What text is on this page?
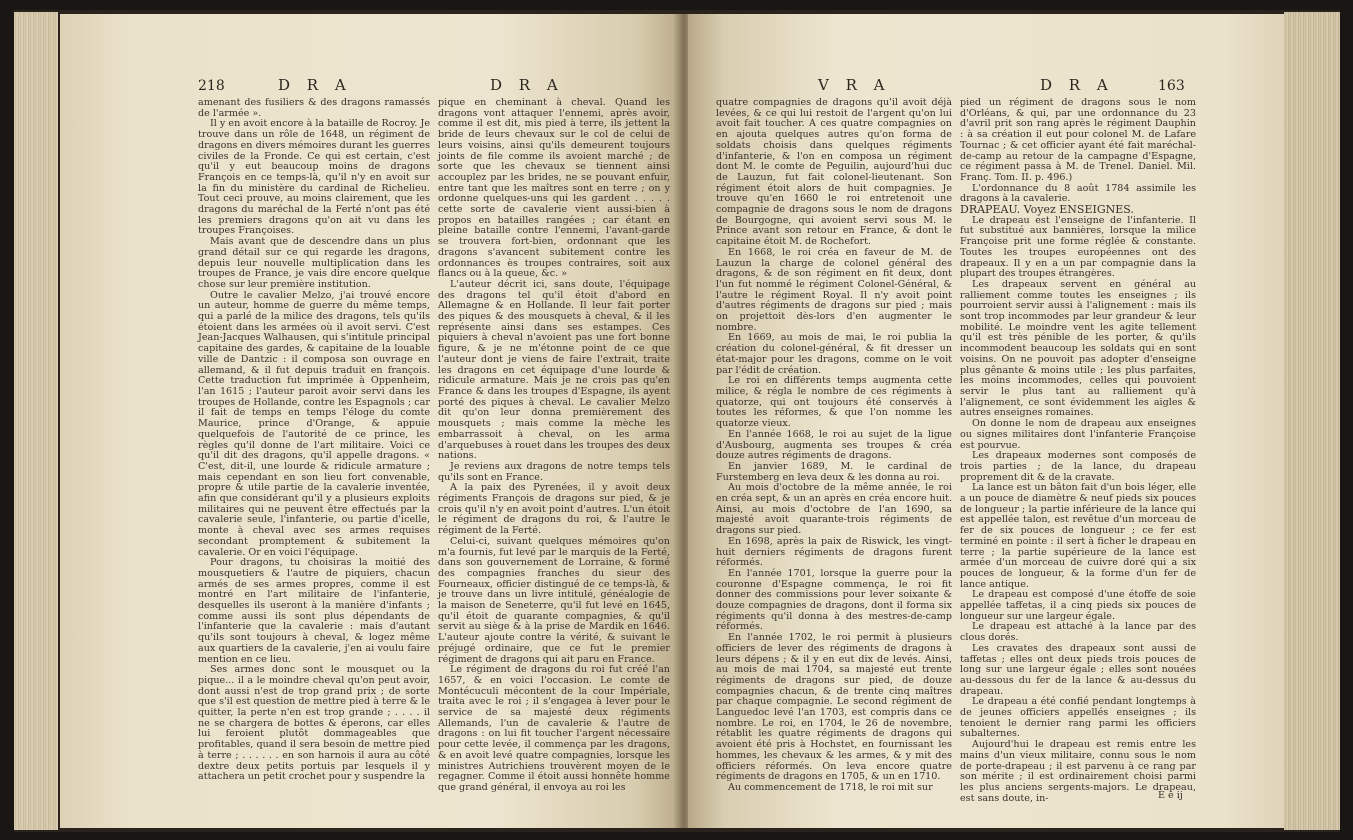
218	D R A	D R A

amenant des fusiliers & des dragons ramassés de l'armée ».

Il y en avoit encore à la bataille de Rocroy. Je trouve dans un rôle de 1648, un régiment de dragons en divers mémoires durant les guerres civiles de la Fronde. Ce qui est certain, c'est qu'il y eut beaucoup moins de dragons François en ce temps-là, qu'il n'y en avoit sur la fin du ministère du cardinal de Richelieu. Tout ceci prouve, au moins clairement, que les dragons du maréchal de la Ferté n'ont pas été les premiers dragons qu'on ait vu dans les troupes Françoises.

Mais avant que de descendre dans un plus grand détail sur ce qui regarde les dragons, depuis leur nouvelle multiplication dans les troupes de France, je vais dire encore quelque chose sur leur première institution.

Outre le cavalier Melzo, j'ai trouvé encore un auteur, homme de guerre du même temps, qui a parlé de la milice des dragons, tels qu'ils étoient dans les armées où il avoit servi. C'est Jean-Jacques Walhausen, qui s'intitule principal capitaine des gardes, & capitaine de la louable ville de Dantzic : il composa son ouvrage en allemand, & il fut depuis traduit en françois. Cette traduction fut imprimée à Oppenheim, l'an 1615 ; l'auteur paroit avoir servi dans les troupes de Hollande, contre les Espagnols ; car il fait de temps en temps l'éloge du comte Maurice, prince d'Orange, & appuie quelquefois de l'autorité de ce prince, les règles qu'il donne de l'art militaire. Voici ce qu'il dit des dragons, qu'il appelle dragons. « C'est, dit-il, une lourde & ridicule armature ; mais cependant en son lieu fort convenable, propre & utile partie de la cavalerie inventée, afin que considérant qu'il y a plusieurs exploits militaires qui ne peuvent être effectués par la cavalerie seule, l'infanterie, ou partie d'icelle, monte à cheval avec ses armes requises secondant promptement & subitement la cavalerie. Or en voici l'équipage.

Pour dragons, tu choisiras la moitié des mousquetiers & l'autre de piquiers, chacun armés de ses armes propres, comme il est montré en l'art militaire de l'infanterie, desquelles ils useront à la manière d'infants ; comme aussi ils sont plus dépendants de l'infanterie que la cavalerie : mais d'autant qu'ils sont toujours à cheval, & logez même aux quartiers de la cavalerie, j'en ai voulu faire mention en ce lieu.

Ses armes donc sont le mousquet ou la pique... il a le moindre cheval qu'on peut avoir, dont aussi n'est de trop grand prix ; de sorte que s'il est question de mettre pied à terre & le quitter, la perte n'en est trop grande ; . . . . il ne se chargera de bottes & éperons, car elles lui feroient plutôt dommageables que profitables, quand il sera besoin de mettre pied à terre ; . . . . . . en son harnois il aura au côté dextre deux petits portuis par lesquels il y attachera un petit crochet pour y suspendre la

pique en cheminant à cheval. Quand les dragons vont attaquer l'ennemi, après avoir, comme il est dit, mis pied à terre, ils jettent la bride de leurs chevaux sur le col de celui de leurs voisins, ainsi qu'ils demeurent toujours joints de file comme ils avoient marché ; de sorte que les chevaux se tiennent ainsi accouplez par les brides, ne se pouvant enfuir, entre tant que les maîtres sont en terre ; on y ordonne quelques-uns qui les gardent . . . . . cette sorte de cavalerie vient aussi-bien à propos en batailles rangées ; car étant en pleine bataille contre l'ennemi, l'avant-garde se trouvera fort-bien, ordonnant que les dragons s'avancent subitement contre les ordonnances ès troupes contraires, soit aux flancs ou à la queue, &c. »

L'auteur décrit ici, sans doute, l'équipage des dragons tel qu'il étoit d'abord en Allemagne & en Hollande. Il leur fait porter des piques & des mousquets à cheval, & il les représente ainsi dans ses estampes. Ces piquiers à cheval n'avoient pas une fort bonne figure, & je ne m'étonne point de ce que l'auteur dont je viens de faire l'extrait, traite les dragons en cet équipage d'une lourde & ridicule armature. Mais je ne crois pas qu'en France & dans les troupes d'Espagne, ils ayent porté des piques à cheval. Le cavalier Melzo dit qu'on leur donna premièrement des mousquets ; mais comme la mèche les embarrassoit à cheval, on les arma d'arquebuses à rouet dans les troupes des deux nations.

Je reviens aux dragons de notre temps tels qu'ils sont en France.

A la paix des Pyrenées, il y avoit deux régiments François de dragons sur pied, & je crois qu'il n'y en avoit point d'autres. L'un étoit le régiment de dragons du roi, & l'autre le régiment de la Ferté.

Celui-ci, suivant quelques mémoires qu'on m'a fournis, fut levé par le marquis de la Ferté, dans son gouvernement de Lorraine, & formé des compagnies franches du sieur des Fourneaux, officier distingué de ce temps-là, & je trouve dans un livre intitulé, généalogie de la maison de Seneterre, qu'il fut levé en 1645, qu'il étoit de quarante compagnies, & qu'il servit au siège & à la prise de Mardik en 1646. L'auteur ajoute contre la vérité, & suivant le préjugé ordinaire, que ce fut le premier régiment de dragons qui ait paru en France.

Le régiment de dragons du roi fut créé l'an 1657, & en voici l'occasion. Le comte de Montécuculi mécontent de la cour Impériale, traita avec le roi ; il s'engagea à lever pour le service de sa majesté deux régiments Allemands, l'un de cavalerie & l'autre de dragons : on lui fit toucher l'argent nécessaire pour cette levée, il commença par les dragons, & en avoit levé quatre compagnies, lorsque les ministres Autrichiens trouvèrent moyen de le regagner. Comme il étoit aussi honnête homme que grand général, il envoya au roi les

V R A	D R A	163

quatre compagnies de dragons qu'il avoit déjà levées, & ce qui lui restoit de l'argent qu'on lui avoit fait toucher. A ces quatre compagnies on en ajouta quelques autres qu'on forma de soldats choisis dans quelques régiments d'infanterie, & l'on en composa un régiment dont M. le comte de Peguilin, aujourd'hui duc de Lauzun, fut fait colonel-lieutenant. Son régiment étoit alors de huit compagnies. Je trouve qu'en 1660 le roi entretenoit une compagnie de dragons sous le nom de dragons de Bourgogne, qui avoient servi sous M. le Prince avant son retour en France, & dont le capitaine étoit M. de Rochefort.

En 1668, le roi créa en faveur de M. de Lauzun la charge de colonel général des dragons, & de son régiment en fit deux, dont l'un fut nommé le régiment Colonel-Général, & l'autre le régiment Royal. Il n'y avoit point d'autres régiments de dragons sur pied ; mais on projettoit dès-lors d'en augmenter le nombre.

En 1669, au mois de mai, le roi publia la création du colonel-général, & fit dresser un état-major pour les dragons, comme on le voit par l'édit de création.

Le roi en différents temps augmenta cette milice, & régla le nombre de ces régiments à quatorze, qui ont toujours été conservés à toutes les réformes, & que l'on nomme les quatorze vieux.

En l'année 1668, le roi au sujet de la ligue d'Ausbourg, augmenta ses troupes & créa douze autres régiments de dragons.

En janvier 1689, M. le cardinal de Furstemberg en leva deux & les donna au roi.

Au mois d'octobre de la même année, le roi en créa sept, & un an après en créa encore huit. Ainsi, au mois d'octobre de l'an 1690, sa majesté avoit quarante-trois régiments de dragons sur pied.

En 1698, après la paix de Riswick, les vingt-huit derniers régiments de dragons furent réformés.

En l'année 1701, lorsque la guerre pour la couronne d'Espagne commença, le roi fit donner des commissions pour lever soixante & douze compagnies de dragons, dont il forma six régiments qu'il donna à des mestres-de-camp réformés.

En l'année 1702, le roi permit à plusieurs officiers de lever des régiments de dragons à leurs dépens ; & il y en eut dix de levés. Ainsi, au mois de mai 1704, sa majesté eut trente régiments de dragons sur pied, de douze compagnies chacun, & de trente cinq maîtres par chaque compagnie. Le second régiment de Languedoc levé l'an 1703, est compris dans ce nombre. Le roi, en 1704, le 26 de novembre, rétablit les quatre régiments de dragons qui avoient été pris à Hochstet, en fournissant les hommes, les chevaux & les armes, & y mit des officiers réformés. On leva encore quatre régiments de dragons en 1705, & un en 1710.

Au commencement de 1718, le roi mit sur

pied un régiment de dragons sous le nom d'Orléans, & qui, par une ordonnance du 23 d'avril prit son rang après le régiment Dauphin : à sa création il eut pour colonel M. de Lafare Tournac ; & cet officier ayant été fait maréchal-de-camp au retour de la campagne d'Espagne, ce régiment passa à M. de Trenel. Daniel. Mil. Franç. Tom. II. p. 496.)

L'ordonnance du 8 août 1784 assimile les dragons à la cavalerie.

DRAPEAU. Voyez ENSEIGNES.

Le drapeau est l'enseigne de l'infanterie. Il fut substitué aux bannières, lorsque la milice Françoise prit une forme réglée & constante. Toutes les troupes européennes ont des drapeaux. Il y en a un par compagnie dans la plupart des troupes étrangères.

Les drapeaux servent en général au ralliement comme toutes les enseignes ; ils pourroient servir aussi à l'alignement : mais ils sont trop incommodes par leur grandeur & leur mobilité. Le moindre vent les agite tellement qu'il est très pénible de les porter, & qu'ils incommodent beaucoup les soldats qui en sont voisins. On ne pouvoit pas adopter d'enseigne plus gênante & moins utile ; les plus parfaites, les moins incommodes, celles qui pouvoient servir le plus tant au ralliement qu'à l'alignement, ce sont évidemment les aigles & autres enseignes romaines.

On donne le nom de drapeau aux enseignes ou signes militaires dont l'infanterie Françoise est pourvue.

Les drapeaux modernes sont composés de trois parties ; de la lance, du drapeau proprement dit & de la cravate.

La lance est un bâton fait d'un bois léger, elle a un pouce de diamètre & neuf pieds six pouces de longueur ; la partie inférieure de la lance qui est appellée talon, est revêtue d'un morceau de fer de six pouces de longueur ; ce fer est terminé en pointe : il sert à ficher le drapeau en terre ; la partie supérieure de la lance est armée d'un morceau de cuivre doré qui a six pouces de longueur, & la forme d'un fer de lance antique.

Le drapeau est composé d'une étoffe de soie appellée taffetas, il a cinq pieds six pouces de longueur sur une largeur égale.

Le drapeau est attaché à la lance par des clous dorés.

Les cravates des drapeaux sont aussi de taffetas ; elles ont deux pieds trois pouces de long sur une largeur égale ; elles sont nouées au-dessous du fer de la lance & au-dessus du drapeau.

Le drapeau a été confié pendant longtemps à de jeunes officiers appellés enseignes ; ils tenoient le dernier rang parmi les officiers subalternes.

Aujourd'hui le drapeau est remis entre les mains d'un vieux militaire, connu sous le nom de porte-drapeau ; il est parvenu à ce rang par son mérite ; il est ordinairement choisi parmi les plus anciens sergents-majors. Le drapeau, est sans doute, in-	E e ij
